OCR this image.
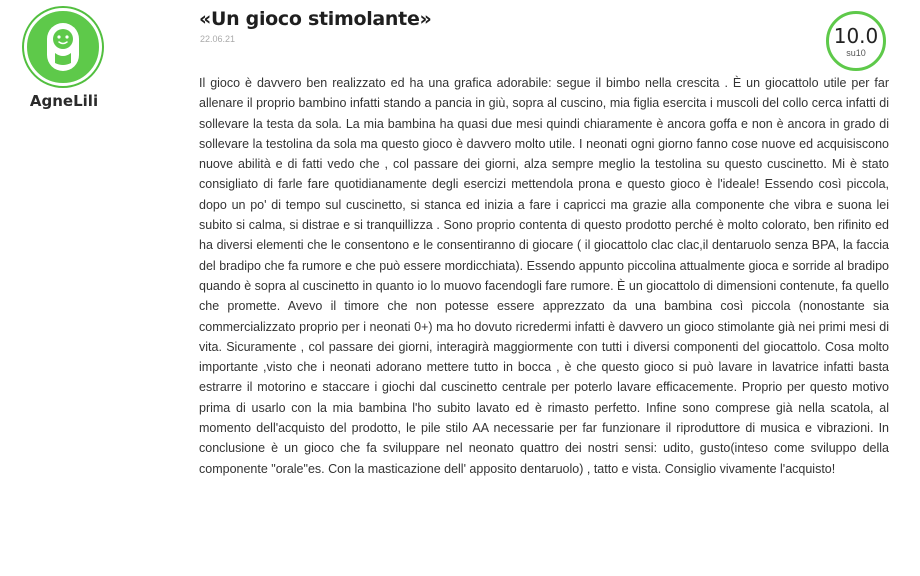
AgneLili
«Un gioco stimolante»
22.06.21	10.0
su10

Il gioco è davvero ben realizzato ed ha una grafica adorabile: segue il bimbo nella crescita . È un giocattolo utile per far allenare il proprio bambino infatti stando a pancia in giù, sopra al cuscino, mia figlia esercita i muscoli del collo cerca infatti di sollevare la testa da sola. La mia bambina ha quasi due mesi quindi chiaramente è ancora goffa e non è ancora in grado di sollevare la testolina da sola ma questo gioco è davvero molto utile. I neonati ogni giorno fanno cose nuove ed acquisiscono nuove abilità e di fatti vedo che , col passare dei giorni, alza sempre meglio la testolina su questo cuscinetto. Mi è stato consigliato di farle fare quotidianamente degli esercizi mettendola prona e questo gioco è l'ideale! Essendo così piccola, dopo un po' di tempo sul cuscinetto, si stanca ed inizia a fare i capricci ma grazie alla componente che vibra e suona lei subito si calma, si distrae e si tranquillizza . Sono proprio contenta di questo prodotto perché è molto colorato, ben rifinito ed ha diversi elementi che le consentono e le consentiranno di giocare ( il giocattolo clac clac,il dentaruolo senza BPA, la faccia del bradipo che fa rumore e che può essere mordicchiata). Essendo appunto piccolina attualmente gioca e sorride al bradipo quando è sopra al cuscinetto in quanto io lo muovo facendogli fare rumore. È un giocattolo di dimensioni contenute, fa quello che promette. Avevo il timore che non potesse essere apprezzato da una bambina così piccola (nonostante sia commercializzato proprio per i neonati 0+) ma ho dovuto ricredermi infatti è davvero un gioco stimolante già nei primi mesi di vita. Sicuramente , col passare dei giorni, interagirà maggiormente con tutti i diversi componenti del giocattolo. Cosa molto importante ,visto che i neonati adorano mettere tutto in bocca , è che questo gioco si può lavare in lavatrice infatti basta estrarre il motorino e staccare i giochi dal cuscinetto centrale per poterlo lavare efficacemente. Proprio per questo motivo prima di usarlo con la mia bambina l'ho subito lavato ed è rimasto perfetto. Infine sono comprese già nella scatola, al momento dell'acquisto del prodotto, le pile stilo AA necessarie per far funzionare il riproduttore di musica e vibrazioni. In conclusione è un gioco che fa sviluppare nel neonato quattro dei nostri sensi: udito, gusto(inteso come sviluppo della componente "orale"es. Con la masticazione dell' apposito dentaruolo) , tatto e vista. Consiglio vivamente l'acquisto!
